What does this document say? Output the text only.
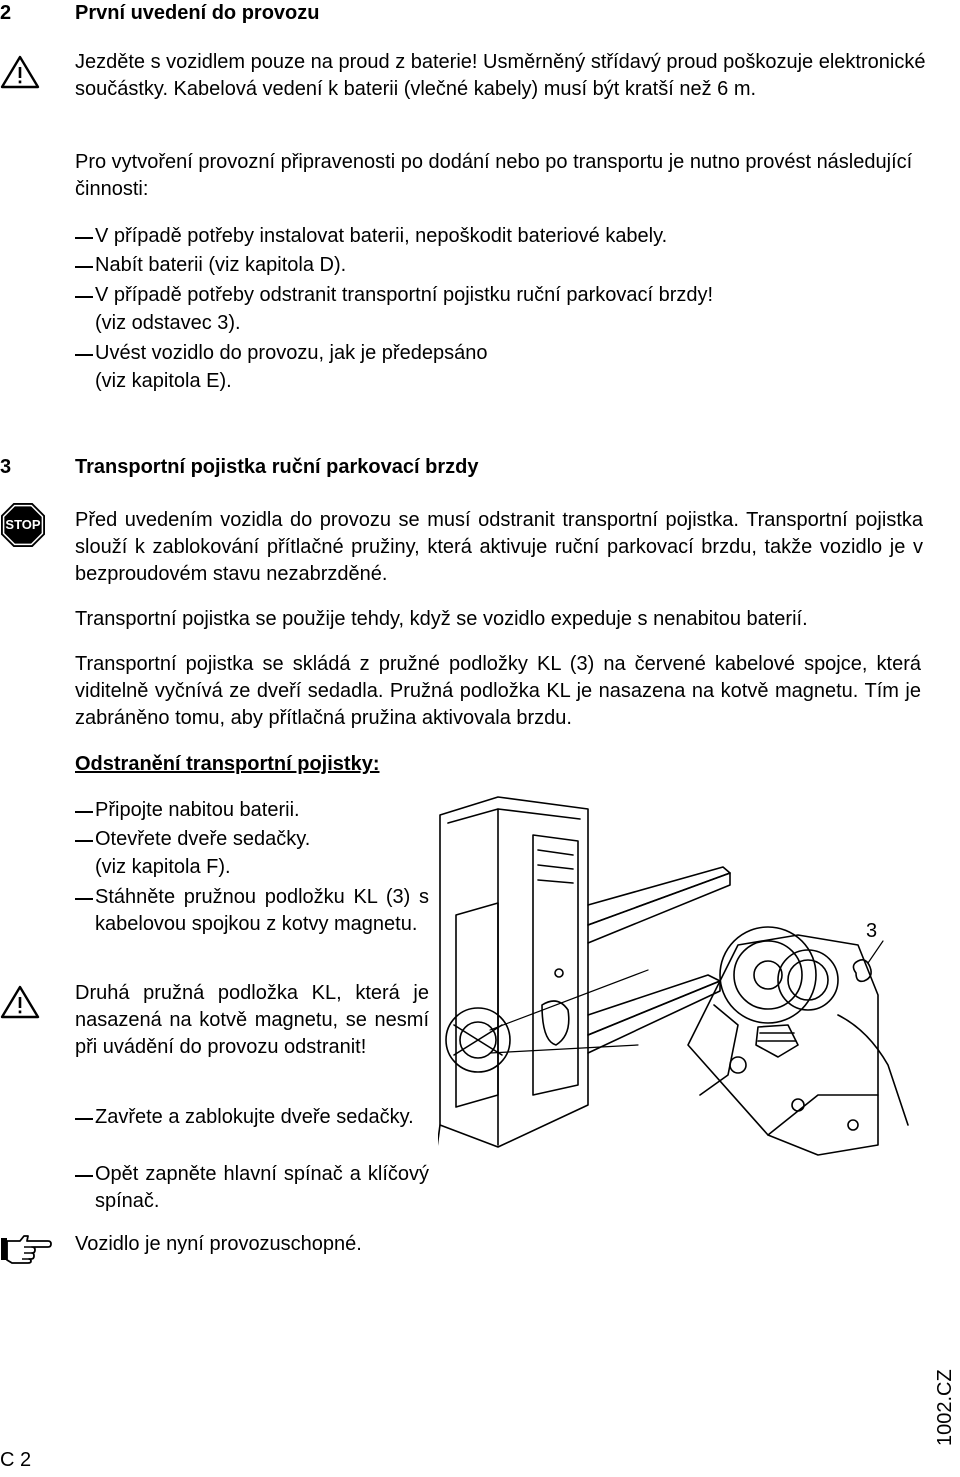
2	První uvedení do provozu
Jezděte s vozidlem pouze na proud z baterie! Usměrněný střídavý proud poškozuje elektronické součástky. Kabelová vedení k baterii (vlečné kabely) musí být kratší než 6 m.
Pro vytvoření provozní připravenosti po dodání nebo po transportu je nutno provést následující činnosti:
V případě potřeby instalovat baterii, nepoškodit bateriové kabely.
Nabít baterii (viz kapitola D).
V případě potřeby odstranit transportní pojistku ruční parkovací brzdy!
(viz odstavec 3).
Uvést vozidlo do provozu, jak je předepsáno
(viz kapitola E).
3	Transportní pojistka ruční parkovací brzdy
STOP Před uvedením vozidla do provozu se musí odstranit transportní pojistka. Transportní pojistka slouží k zablokování přítlačné pružiny, která aktivuje ruční parkovací brzdu, takže vozidlo je v bezproudovém stavu nezabrzděné.
Transportní pojistka se použije tehdy, když se vozidlo expeduje s nenabitou baterií.
Transportní pojistka se skládá z pružné podložky KL (3) na červené kabelové spojce, která viditelně vyčnívá ze dveří sedadla. Pružná podložka KL je nasazena na kotvě magnetu. Tím je zabráněno tomu, aby přítlačná pružina aktivovala brzdu.
Odstranění transportní pojistky:
Připojte nabitou baterii.
Otevřete dveře sedačky.
(viz kapitola F).
Stáhněte pružnou podložku KL (3) s kabelovou spojkou z kotvy magnetu.
Druhá pružná podložka KL, která je nasazená na kotvě magnetu, se nesmí při uvádění do provozu odstranit!
Zavřete a zablokujte dveře sedačky.
Opět zapněte hlavní spínač a klíčový spínač.
Vozidlo je nyní provozuschopné.
3
C 2
1002.CZ
